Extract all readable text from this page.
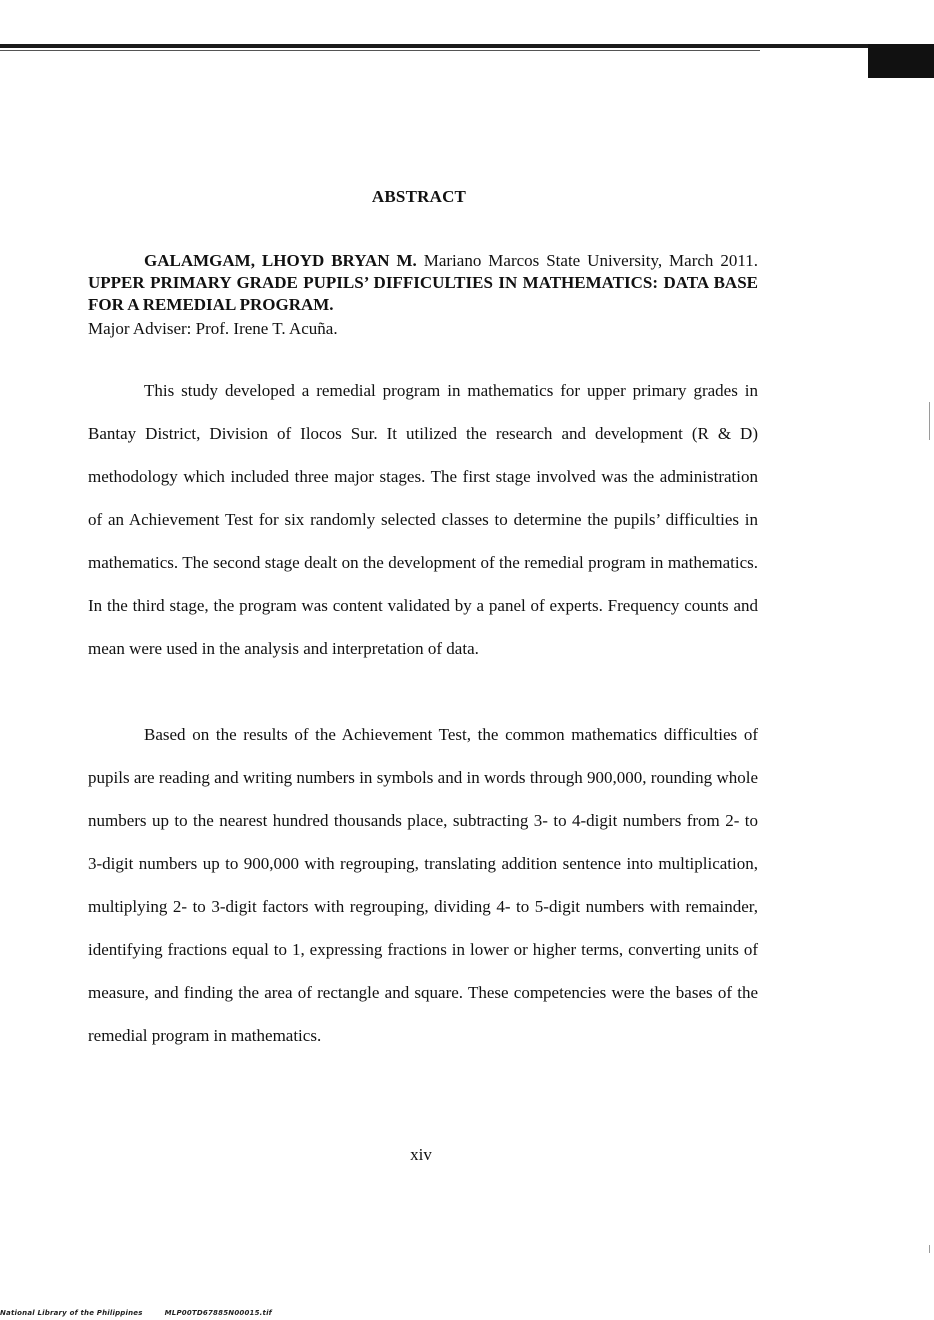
ABSTRACT
GALAMGAM, LHOYD BRYAN M. Mariano Marcos State University, March 2011. UPPER PRIMARY GRADE PUPILS’ DIFFICULTIES IN MATHEMATICS: DATA BASE FOR A REMEDIAL PROGRAM.
Major Adviser: Prof. Irene T. Acuña.

This study developed a remedial program in mathematics for upper primary grades in Bantay District, Division of Ilocos Sur. It utilized the research and development (R & D) methodology which included three major stages. The first stage involved was the administration of an Achievement Test for six randomly selected classes to determine the pupils’ difficulties in mathematics. The second stage dealt on the development of the remedial program in mathematics. In the third stage, the program was content validated by a panel of experts. Frequency counts and mean were used in the analysis and interpretation of data.

Based on the results of the Achievement Test, the common mathematics difficulties of pupils are reading and writing numbers in symbols and in words through 900,000, rounding whole numbers up to the nearest hundred thousands place, subtracting 3- to 4-digit numbers from 2- to 3-digit numbers up to 900,000 with regrouping, translating addition sentence into multiplication, multiplying 2- to 3-digit factors with regrouping, dividing 4- to 5-digit numbers with remainder, identifying fractions equal to 1, expressing fractions in lower or higher terms, converting units of measure, and finding the area of rectangle and square. These competencies were the bases of the remedial program in mathematics.

xiv
National Library of the Philippines	MLP00TD67885N00015.tif
